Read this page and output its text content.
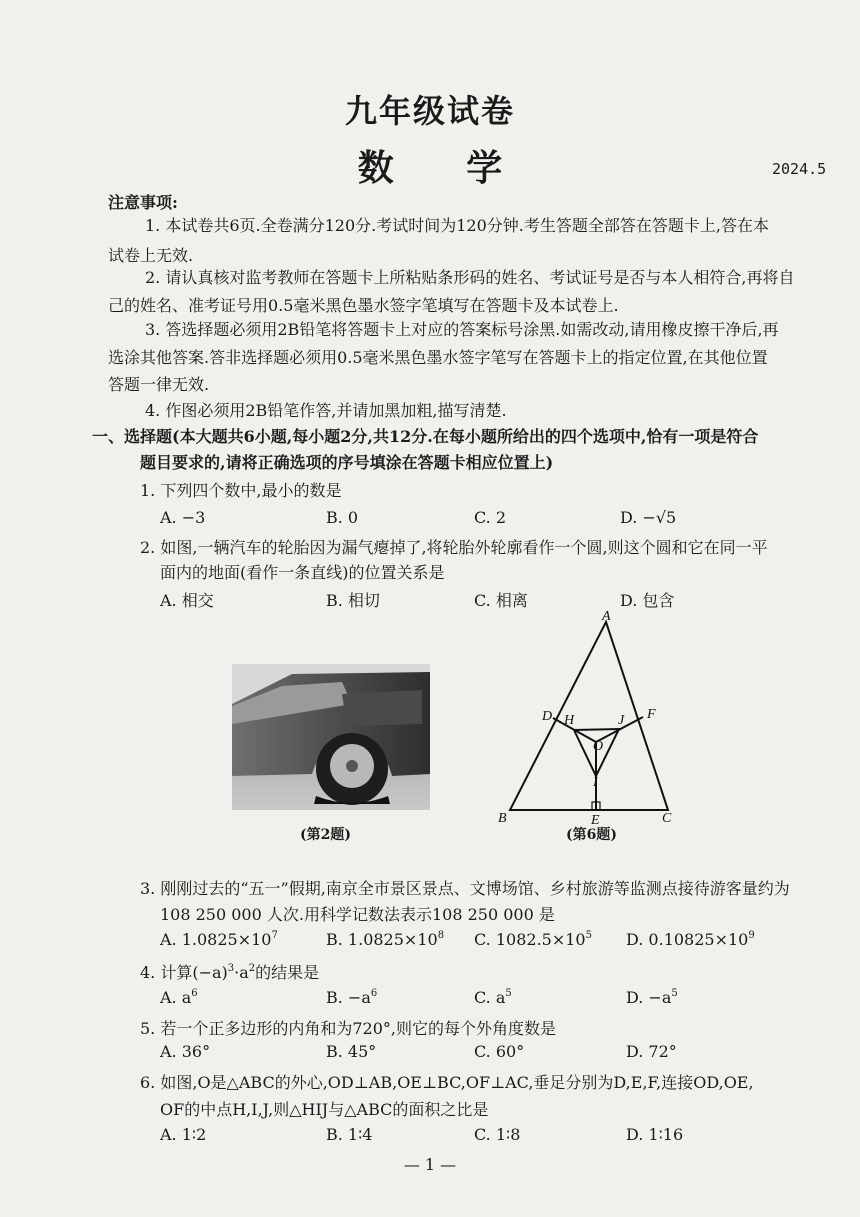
九年级试卷
数 学	2024.5
注意事项:
1. 本试卷共6页.全卷满分120分.考试时间为120分钟.考生答题全部答在答题卡上,答在本
试卷上无效.
2. 请认真核对监考教师在答题卡上所粘贴条形码的姓名、考试证号是否与本人相符合,再将自
己的姓名、准考证号用0.5毫米黑色墨水签字笔填写在答题卡及本试卷上.
3. 答选择题必须用2B铅笔将答题卡上对应的答案标号涂黑.如需改动,请用橡皮擦干净后,再
选涂其他答案.答非选择题必须用0.5毫米黑色墨水签字笔写在答题卡上的指定位置,在其他位置
答题一律无效.
4. 作图必须用2B铅笔作答,并请加黑加粗,描写清楚.
一、选择题(本大题共6小题,每小题2分,共12分.在每小题所给出的四个选项中,恰有一项是符合
题目要求的,请将正确选项的序号填涂在答题卡相应位置上)
1. 下列四个数中,最小的数是
A. −3	B. 0	C. 2	D. −√5
2. 如图,一辆汽车的轮胎因为漏气瘪掉了,将轮胎外轮廓看作一个圆,则这个圆和它在同一平
面内的地面(看作一条直线)的位置关系是
A. 相交	B. 相切	C. 相离	D. 包含
(第2题)
A
B	C
D
E
F
H
I
J
O
(第6题)
3. 刚刚过去的“五一”假期,南京全市景区景点、文博场馆、乡村旅游等监测点接待游客量约为
108 250 000 人次.用科学记数法表示108 250 000 是
A. $1.0825\times 10^7$	B. $1.0825\times 10^8$ C. $1082.5\times 10^5$ D. $0.10825\times 10^9$
4. 计算$(-a)^3\cdot a^2$的结果是
A. $a^6$	B. $-a^6$	C. $a^5$	D. $-a^5$
5. 若一个正多边形的内角和为720°,则它的每个外角度数是
A. 36°	B. 45°	C. 60°	D. 72°
6. 如图,O是△ABC的外心,OD⊥AB,OE⊥BC,OF⊥AC,垂足分别为D,E,F,连接OD,OE,
OF的中点H,I,J,则△HIJ与△ABC的面积之比是
A. 1∶2	B. 1∶4	C. 1∶8	D. 1∶16
— 1 —
